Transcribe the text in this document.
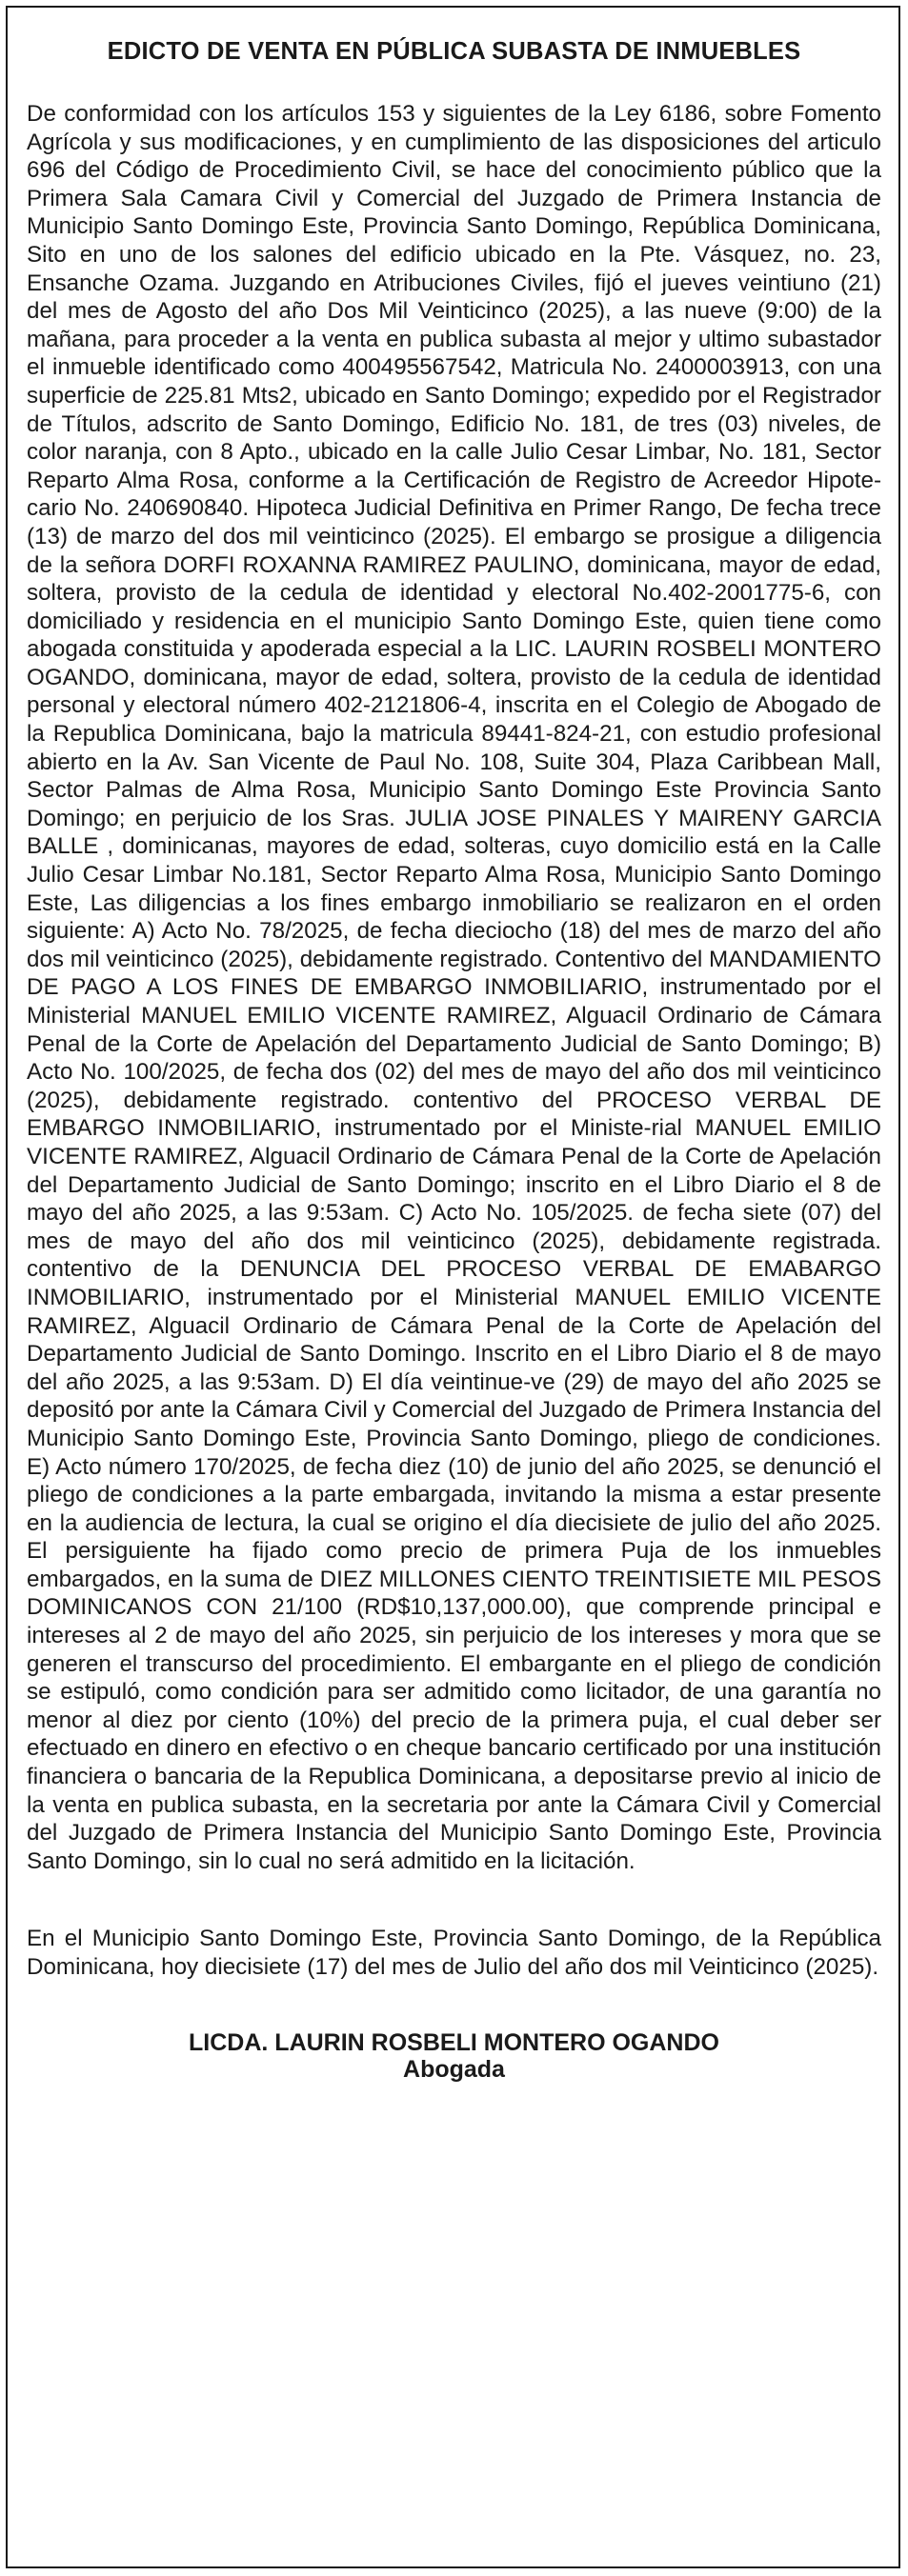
EDICTO DE VENTA EN PÚBLICA SUBASTA DE INMUEBLES

De conformidad con los artículos 153 y siguientes de la Ley 6186, sobre Fomento Agrícola y sus modificaciones, y en cumplimiento de las disposiciones del articulo 696 del Código de Procedimiento Civil, se hace del conocimiento público que la Primera Sala Camara Civil y Comercial del Juzgado de Primera Instancia de Municipio Santo Domingo Este, Provincia Santo Domingo, República Dominicana, Sito en uno de los salones del edificio ubicado en la Pte. Vásquez, no. 23, Ensanche Ozama. Juzgando en Atribuciones Civiles, fijó el jueves veintiuno (21) del mes de Agosto del año Dos Mil Veinticinco (2025), a las nueve (9:00) de la mañana, para proceder a la venta en publica subasta al mejor y ultimo subastador el inmueble identificado como 400495567542, Matricula No. 2400003913, con una superficie de 225.81 Mts2, ubicado en Santo Domingo; expedido por el Registrador de Títulos, adscrito de Santo Domingo, Edificio No. 181, de tres (03) niveles, de color naranja, con 8 Apto., ubicado en la calle Julio Cesar Limbar, No. 181, Sector Reparto Alma Rosa, conforme a la Certificación de Registro de Acreedor Hipote-cario No. 240690840. Hipoteca Judicial Definitiva en Primer Rango, De fecha trece (13) de marzo del dos mil veinticinco (2025). El embargo se prosigue a diligencia de la señora DORFI ROXANNA RAMIREZ PAULINO, dominicana, mayor de edad, soltera, provisto de la cedula de identidad y electoral No.402-2001775-6, con domiciliado y residencia en el municipio Santo Domingo Este, quien tiene como abogada constituida y apoderada especial a la LIC. LAURIN ROSBELI MONTERO OGANDO, dominicana, mayor de edad, soltera, provisto de la cedula de identidad personal y electoral número 402-2121806-4, inscrita en el Colegio de Abogado de la Republica Dominicana, bajo la matricula 89441-824-21, con estudio profesional abierto en la Av. San Vicente de Paul No. 108, Suite 304, Plaza Caribbean Mall, Sector Palmas de Alma Rosa, Municipio Santo Domingo Este Provincia Santo Domingo; en perjuicio de los Sras. JULIA JOSE PINALES Y MAIRENY GARCIA BALLE , dominicanas, mayores de edad, solteras, cuyo domicilio está en la Calle Julio Cesar Limbar No.181, Sector Reparto Alma Rosa, Municipio Santo Domingo Este, Las diligencias a los fines embargo inmobiliario se realizaron en el orden siguiente: A) Acto No. 78/2025, de fecha dieciocho (18) del mes de marzo del año dos mil veinticinco (2025), debidamente registrado. Contentivo del MANDAMIENTO DE PAGO A LOS FINES DE EMBARGO INMOBILIARIO, instrumentado por el Ministerial MANUEL EMILIO VICENTE RAMIREZ, Alguacil Ordinario de Cámara Penal de la Corte de Apelación del Departamento Judicial de Santo Domingo; B) Acto No. 100/2025, de fecha dos (02) del mes de mayo del año dos mil veinticinco (2025), debidamente registrado. contentivo del PROCESO VERBAL DE EMBARGO INMOBILIARIO, instrumentado por el Ministe-rial MANUEL EMILIO VICENTE RAMIREZ, Alguacil Ordinario de Cámara Penal de la Corte de Apelación del Departamento Judicial de Santo Domingo; inscrito en el Libro Diario el 8 de mayo del año 2025, a las 9:53am. C) Acto No. 105/2025. de fecha siete (07) del mes de mayo del año dos mil veinticinco (2025), debidamente registrada. contentivo de la DENUNCIA DEL PROCESO VERBAL DE EMABARGO INMOBILIARIO, instrumentado por el Ministerial MANUEL EMILIO VICENTE RAMIREZ, Alguacil Ordinario de Cámara Penal de la Corte de Apelación del Departamento Judicial de Santo Domingo. Inscrito en el Libro Diario el 8 de mayo del año 2025, a las 9:53am. D) El día veintinue-ve (29) de mayo del año 2025 se depositó por ante la Cámara Civil y Comercial del Juzgado de Primera Instancia del Municipio Santo Domingo Este, Provincia Santo Domingo, pliego de condiciones. E) Acto número 170/2025, de fecha diez (10) de junio del año 2025, se denunció el pliego de condiciones a la parte embargada, invitando la misma a estar presente en la audiencia de lectura, la cual se origino el día diecisiete de julio del año 2025. El persiguiente ha fijado como precio de primera Puja de los inmuebles embargados, en la suma de DIEZ MILLONES CIENTO TREINTISIETE MIL PESOS DOMINICANOS CON 21/100 (RD$10,137,000.00), que comprende principal e intereses al 2 de mayo del año 2025, sin perjuicio de los intereses y mora que se generen el transcurso del procedimiento. El embargante en el pliego de condición se estipuló, como condición para ser admitido como licitador, de una garantía no menor al diez por ciento (10%) del precio de la primera puja, el cual deber ser efectuado en dinero en efectivo o en cheque bancario certificado por una institución financiera o bancaria de la Republica Dominicana, a depositarse previo al inicio de la venta en publica subasta, en la secretaria por ante la Cámara Civil y Comercial del Juzgado de Primera Instancia del Municipio Santo Domingo Este, Provincia Santo Domingo, sin lo cual no será admitido en la licitación.

En el Municipio Santo Domingo Este, Provincia Santo Domingo, de la República Dominicana, hoy diecisiete (17) del mes de Julio del año dos mil Veinticinco (2025).

LICDA. LAURIN ROSBELI MONTERO OGANDO
Abogada
